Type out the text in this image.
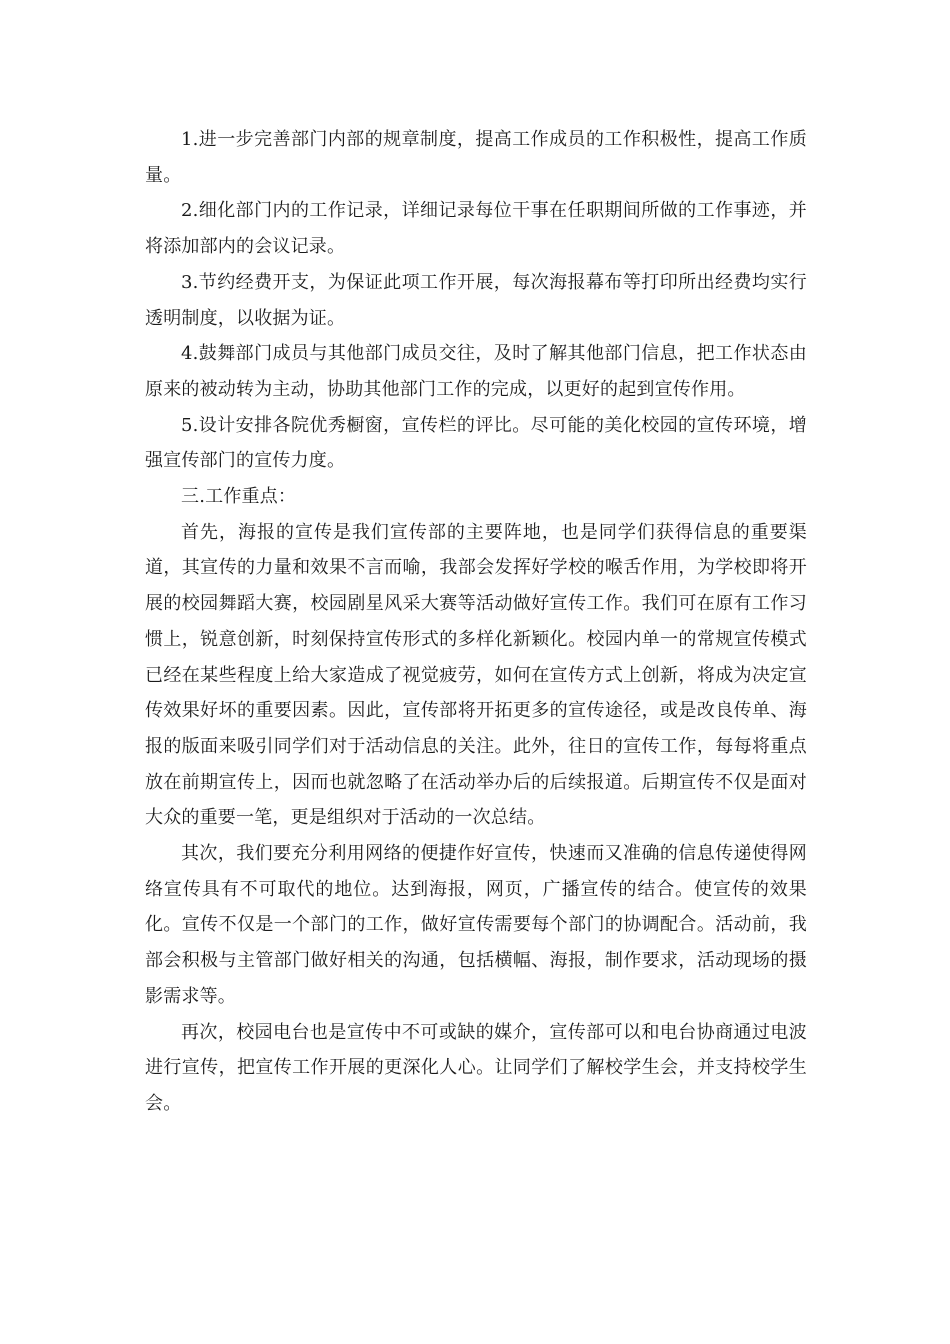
1.进一步完善部门内部的规章制度，提高工作成员的工作积极性，提高工作质量。

2.细化部门内的工作记录，详细记录每位干事在任职期间所做的工作事迹，并将添加部内的会议记录。

3.节约经费开支，为保证此项工作开展，每次海报幕布等打印所出经费均实行透明制度，以收据为证。

4.鼓舞部门成员与其他部门成员交往，及时了解其他部门信息，把工作状态由原来的被动转为主动，协助其他部门工作的完成，以更好的起到宣传作用。

5.设计安排各院优秀橱窗，宣传栏的评比。尽可能的美化校园的宣传环境，增强宣传部门的宣传力度。

三.工作重点：

首先，海报的宣传是我们宣传部的主要阵地，也是同学们获得信息的重要渠道，其宣传的力量和效果不言而喻，我部会发挥好学校的喉舌作用，为学校即将开展的校园舞蹈大赛，校园剧星风采大赛等活动做好宣传工作。我们可在原有工作习惯上，锐意创新，时刻保持宣传形式的多样化新颖化。校园内单一的常规宣传模式已经在某些程度上给大家造成了视觉疲劳，如何在宣传方式上创新，将成为决定宣传效果好坏的重要因素。因此，宣传部将开拓更多的宣传途径，或是改良传单、海报的版面来吸引同学们对于活动信息的关注。此外，往日的宣传工作，每每将重点放在前期宣传上，因而也就忽略了在活动举办后的后续报道。后期宣传不仅是面对大众的重要一笔，更是组织对于活动的一次总结。

其次，我们要充分利用网络的便捷作好宣传，快速而又准确的信息传递使得网络宣传具有不可取代的地位。达到海报，网页，广播宣传的结合。使宣传的效果化。宣传不仅是一个部门的工作，做好宣传需要每个部门的协调配合。活动前，我部会积极与主管部门做好相关的沟通，包括横幅、海报，制作要求，活动现场的摄影需求等。

再次，校园电台也是宣传中不可或缺的媒介，宣传部可以和电台协商通过电波进行宣传，把宣传工作开展的更深化人心。让同学们了解校学生会，并支持校学生会。
